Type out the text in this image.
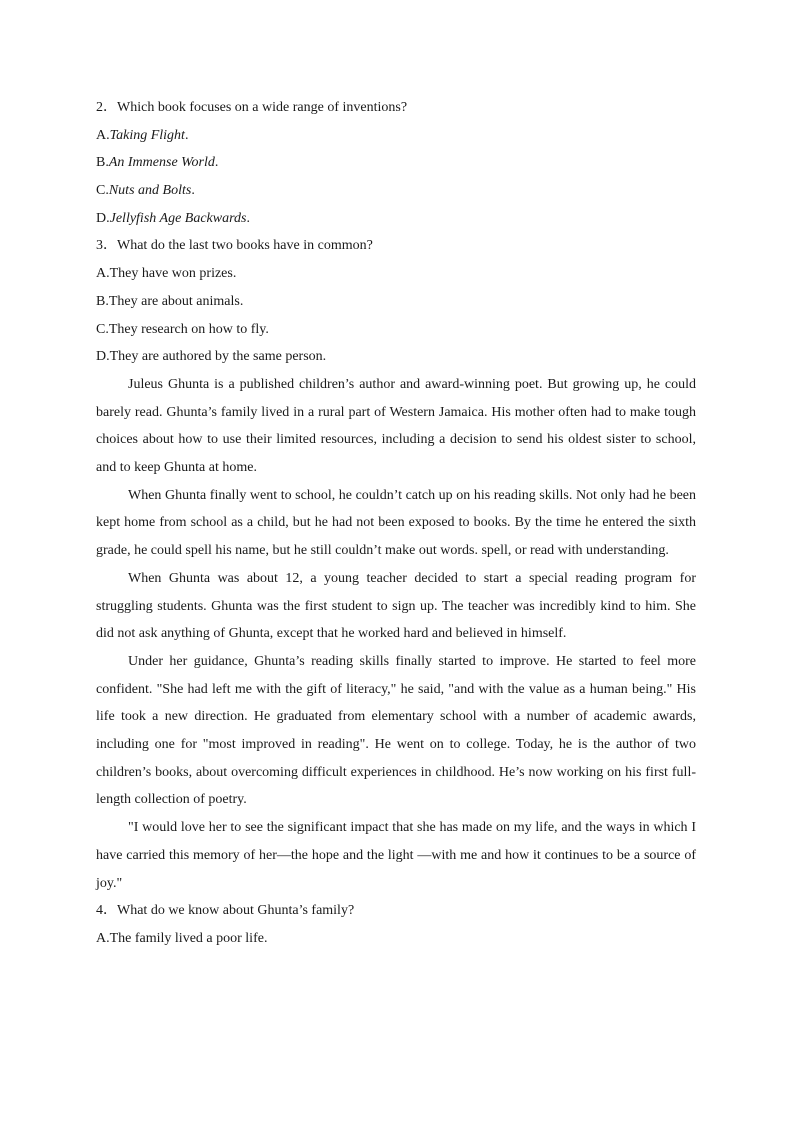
2．Which book focuses on a wide range of inventions?
A.Taking Flight.
B.An Immense World.
C.Nuts and Bolts.
D.Jellyfish Age Backwards.
3．What do the last two books have in common?
A.They have won prizes.
B.They are about animals.
C.They research on how to fly.
D.They are authored by the same person.

Juleus Ghunta is a published children’s author and award-winning poet. But growing up, he could barely read. Ghunta’s family lived in a rural part of Western Jamaica. His mother often had to make tough choices about how to use their limited resources, including a decision to send his oldest sister to school, and to keep Ghunta at home.

When Ghunta finally went to school, he couldn’t catch up on his reading skills. Not only had he been kept home from school as a child, but he had not been exposed to books. By the time he entered the sixth grade, he could spell his name, but he still couldn’t make out words. spell, or read with understanding.

When Ghunta was about 12, a young teacher decided to start a special reading program for struggling students. Ghunta was the first student to sign up. The teacher was incredibly kind to him. She did not ask anything of Ghunta, except that he worked hard and believed in himself.

Under her guidance, Ghunta’s reading skills finally started to improve. He started to feel more confident. "She had left me with the gift of literacy," he said, "and with the value as a human being." His life took a new direction. He graduated from elementary school with a number of academic awards, including one for "most improved in reading". He went on to college. Today, he is the author of two children’s books, about overcoming difficult experiences in childhood. He’s now working on his first full-length collection of poetry.

"I would love her to see the significant impact that she has made on my life, and the ways in which I have carried this memory of her—the hope and the light —with me and how it continues to be a source of joy."

4．What do we know about Ghunta’s family?
A.The family lived a poor life.
